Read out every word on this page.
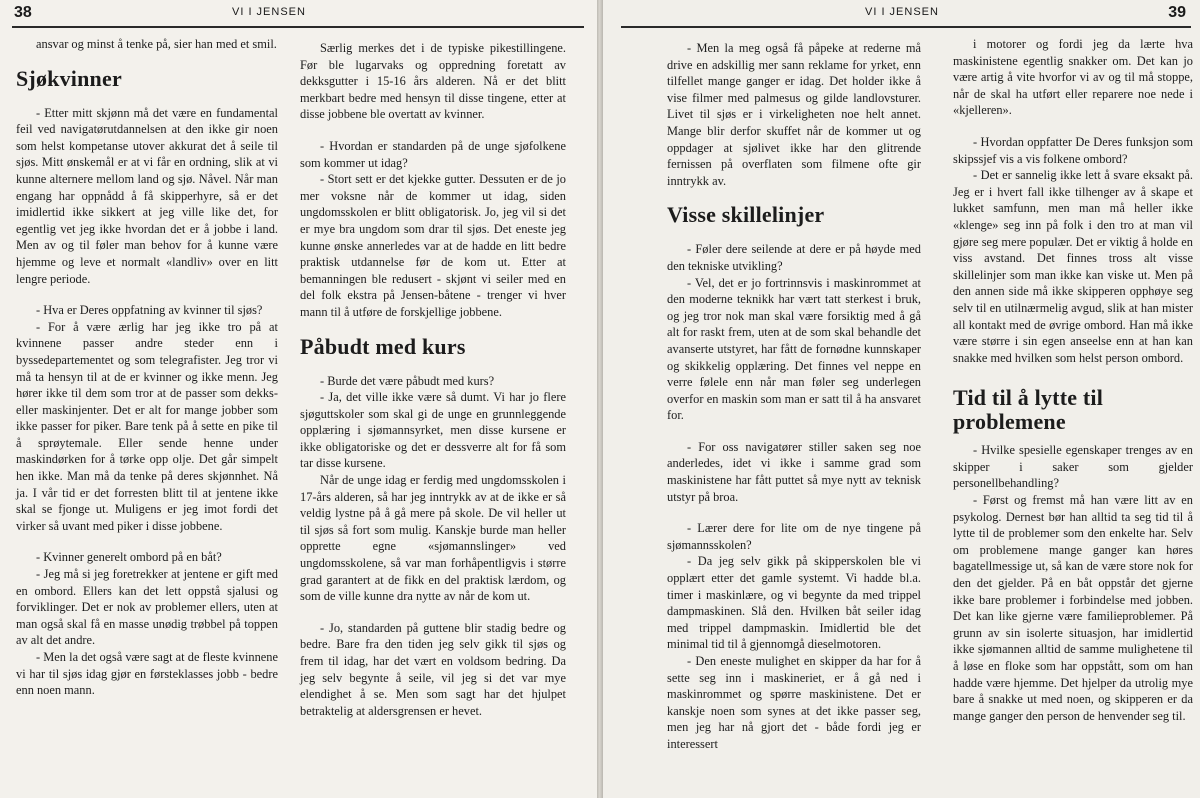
38	VI I JENSEN

ansvar og minst å tenke på, sier han med et smil.

Sjøkvinner

- Etter mitt skjønn må det være en fundamental feil ved navigatørutdannelsen at den ikke gir noen som helst kompetanse utover akkurat det å seile til sjøs. Mitt ønskemål er at vi får en ordning, slik at vi kunne alternere mellom land og sjø. Nåvel. Når man engang har oppnådd å få skipperhyre, så er det imidlertid ikke sikkert at jeg ville like det, for egentlig vet jeg ikke hvordan det er å jobbe i land. Men av og til føler man behov for å kunne være hjemme og leve et normalt «landliv» over en litt lengre periode.

- Hva er Deres oppfatning av kvinner til sjøs?

- For å være ærlig har jeg ikke tro på at kvinnene passer andre steder enn i byssedepartementet og som telegrafister. Jeg tror vi må ta hensyn til at de er kvinner og ikke menn. Jeg hører ikke til dem som tror at de passer som dekks- eller maskinjenter. Det er alt for mange jobber som ikke passer for piker. Bare tenk på å sette en pike til å sprøytemale. Eller sende henne under maskindørken for å tørke opp olje. Det går simpelt hen ikke. Man må da tenke på deres skjønnhet. Nå ja. I vår tid er det forresten blitt til at jentene ikke skal se fjonge ut. Muligens er jeg imot fordi det virker så uvant med piker i disse jobbene.

- Kvinner generelt ombord på en båt?

- Jeg må si jeg foretrekker at jentene er gift med en ombord. Ellers kan det lett oppstå sjalusi og forviklinger. Det er nok av problemer ellers, uten at man også skal få en masse unødig trøbbel på toppen av alt det andre.

- Men la det også være sagt at de fleste kvinnene vi har til sjøs idag gjør en førsteklasses jobb - bedre enn noen mann.

Særlig merkes det i de typiske pikestillingene. Før ble lugarvaks og oppredning foretatt av dekksgutter i 15-16 års alderen. Nå er det blitt merkbart bedre med hensyn til disse tingene, etter at disse jobbene ble overtatt av kvinner.

- Hvordan er standarden på de unge sjøfolkene som kommer ut idag?

- Stort sett er det kjekke gutter. Dessuten er de jo mer voksne når de kommer ut idag, siden ungdomsskolen er blitt obligatorisk. Jo, jeg vil si det er mye bra ungdom som drar til sjøs. Det eneste jeg kunne ønske annerledes var at de hadde en litt bedre praktisk utdannelse før de kom ut. Etter at bemanningen ble redusert - skjønt vi seiler med en del folk ekstra på Jensen-båtene - trenger vi hver mann til å utføre de forskjellige jobbene.

Påbudt med kurs

- Burde det være påbudt med kurs?

- Ja, det ville ikke være så dumt. Vi har jo flere sjøguttskoler som skal gi de unge en grunnleggende opplæring i sjømannsyrket, men disse kursene er ikke obligatoriske og det er dessverre alt for få som tar disse kursene.

Når de unge idag er ferdig med ungdomsskolen i 17-års alderen, så har jeg inntrykk av at de ikke er så veldig lystne på å gå mere på skole. De vil heller ut til sjøs så fort som mulig. Kanskje burde man heller opprette egne «sjømannslinger» ved ungdomsskolene, så var man forhåpentligvis i større grad garantert at de fikk en del praktisk lærdom, og som de ville kunne dra nytte av når de kom ut.

- Jo, standarden på guttene blir stadig bedre og bedre. Bare fra den tiden jeg selv gikk til sjøs og frem til idag, har det vært en voldsom bedring. Da jeg selv begynte å seile, vil jeg si det var mye elendighet å se. Men som sagt har det hjulpet betraktelig at aldersgrensen er hevet.

VI I JENSEN	39

- Men la meg også få påpeke at rederne må drive en adskillig mer sann reklame for yrket, enn tilfellet mange ganger er idag. Det holder ikke å vise filmer med palmesus og gilde landlovsturer. Livet til sjøs er i virkeligheten noe helt annet. Mange blir derfor skuffet når de kommer ut og oppdager at sjølivet ikke har den glitrende fernissen på overflaten som filmene ofte gir inntrykk av.

Visse skillelinjer

- Føler dere seilende at dere er på høyde med den tekniske utvikling?

- Vel, det er jo fortrinnsvis i maskinrommet at den moderne teknikk har vært tatt sterkest i bruk, og jeg tror nok man skal være forsiktig med å gå alt for raskt frem, uten at de som skal behandle det avanserte utstyret, har fått de fornødne kunnskaper og skikkelig opplæring. Det finnes vel neppe en verre følele enn når man føler seg underlegen overfor en maskin som man er satt til å ha ansvaret for.

- For oss navigatører stiller saken seg noe anderledes, idet vi ikke i samme grad som maskinistene har fått puttet så mye nytt av teknisk utstyr på broa.

- Lærer dere for lite om de nye tingene på sjømannsskolen?

- Da jeg selv gikk på skipperskolen ble vi opplært etter det gamle systemt. Vi hadde bl.a. timer i maskinlære, og vi begynte da med trippel dampmaskinen. Slå den. Hvilken båt seiler idag med trippel dampmaskin. Imidlertid ble det minimal tid til å gjennomgå dieselmotoren.

- Den eneste mulighet en skipper da har for å sette seg inn i maskineriet, er å gå ned i maskinrommet og spørre maskinistene. Det er kanskje noen som synes at det ikke passer seg, men jeg har nå gjort det - både fordi jeg er interessert

i motorer og fordi jeg da lærte hva maskinistene egentlig snakker om. Det kan jo være artig å vite hvorfor vi av og til må stoppe, når de skal ha utført eller reparere noe nede i «kjelleren».

- Hvordan oppfatter De Deres funksjon som skipssjef vis a vis folkene ombord?

- Det er sannelig ikke lett å svare eksakt på. Jeg er i hvert fall ikke tilhenger av å skape et lukket samfunn, men man må heller ikke «klenge» seg inn på folk i den tro at man vil gjøre seg mere populær. Det er viktig å holde en viss avstand. Det finnes tross alt visse skillelinjer som man ikke kan viske ut. Men på den annen side må ikke skipperen opphøye seg selv til en utilnærmelig avgud, slik at han mister all kontakt med de øvrige ombord. Han må ikke være større i sin egen anseelse enn at han kan snakke med hvilken som helst person ombord.

Tid til å lytte til problemene

- Hvilke spesielle egenskaper trenges av en skipper i saker som gjelder personellbehandling?

- Først og fremst må han være litt av en psykolog. Dernest bør han alltid ta seg tid til å lytte til de problemer som den enkelte har. Selv om problemene mange ganger kan høres bagatellmessige ut, så kan de være store nok for den det gjelder. På en båt oppstår det gjerne ikke bare problemer i forbindelse med jobben. Det kan like gjerne være familieproblemer. På grunn av sin isolerte situasjon, har imidlertid ikke sjømannen alltid de samme mulighetene til å løse en floke som har oppstått, som om han hadde være hjemme. Det hjelper da utrolig mye bare å snakke ut med noen, og skipperen er da mange ganger den person de henvender seg til.
